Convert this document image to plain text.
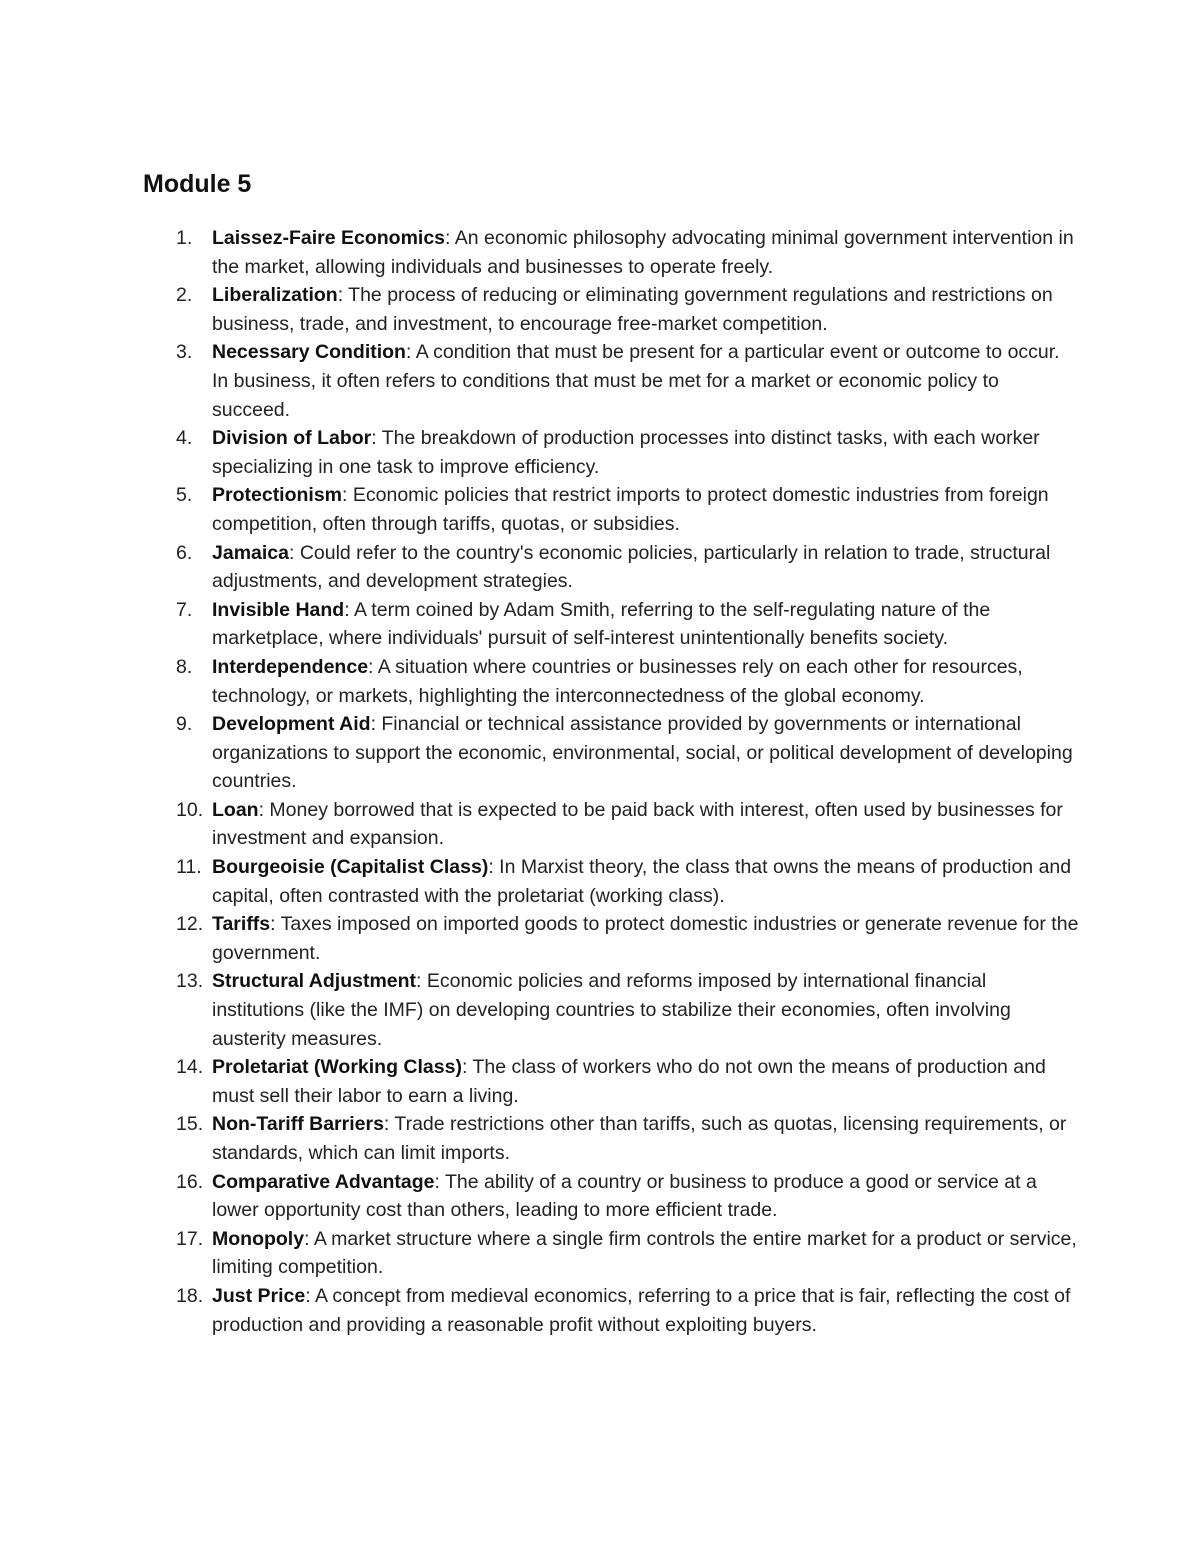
Module 5
1. Laissez-Faire Economics: An economic philosophy advocating minimal government intervention in the market, allowing individuals and businesses to operate freely.
2. Liberalization: The process of reducing or eliminating government regulations and restrictions on business, trade, and investment, to encourage free-market competition.
3. Necessary Condition: A condition that must be present for a particular event or outcome to occur. In business, it often refers to conditions that must be met for a market or economic policy to succeed.
4. Division of Labor: The breakdown of production processes into distinct tasks, with each worker specializing in one task to improve efficiency.
5. Protectionism: Economic policies that restrict imports to protect domestic industries from foreign competition, often through tariffs, quotas, or subsidies.
6. Jamaica: Could refer to the country's economic policies, particularly in relation to trade, structural adjustments, and development strategies.
7. Invisible Hand: A term coined by Adam Smith, referring to the self-regulating nature of the marketplace, where individuals' pursuit of self-interest unintentionally benefits society.
8. Interdependence: A situation where countries or businesses rely on each other for resources, technology, or markets, highlighting the interconnectedness of the global economy.
9. Development Aid: Financial or technical assistance provided by governments or international organizations to support the economic, environmental, social, or political development of developing countries.
10. Loan: Money borrowed that is expected to be paid back with interest, often used by businesses for investment and expansion.
11. Bourgeoisie (Capitalist Class): In Marxist theory, the class that owns the means of production and capital, often contrasted with the proletariat (working class).
12. Tariffs: Taxes imposed on imported goods to protect domestic industries or generate revenue for the government.
13. Structural Adjustment: Economic policies and reforms imposed by international financial institutions (like the IMF) on developing countries to stabilize their economies, often involving austerity measures.
14. Proletariat (Working Class): The class of workers who do not own the means of production and must sell their labor to earn a living.
15. Non-Tariff Barriers: Trade restrictions other than tariffs, such as quotas, licensing requirements, or standards, which can limit imports.
16. Comparative Advantage: The ability of a country or business to produce a good or service at a lower opportunity cost than others, leading to more efficient trade.
17. Monopoly: A market structure where a single firm controls the entire market for a product or service, limiting competition.
18. Just Price: A concept from medieval economics, referring to a price that is fair, reflecting the cost of production and providing a reasonable profit without exploiting buyers.
